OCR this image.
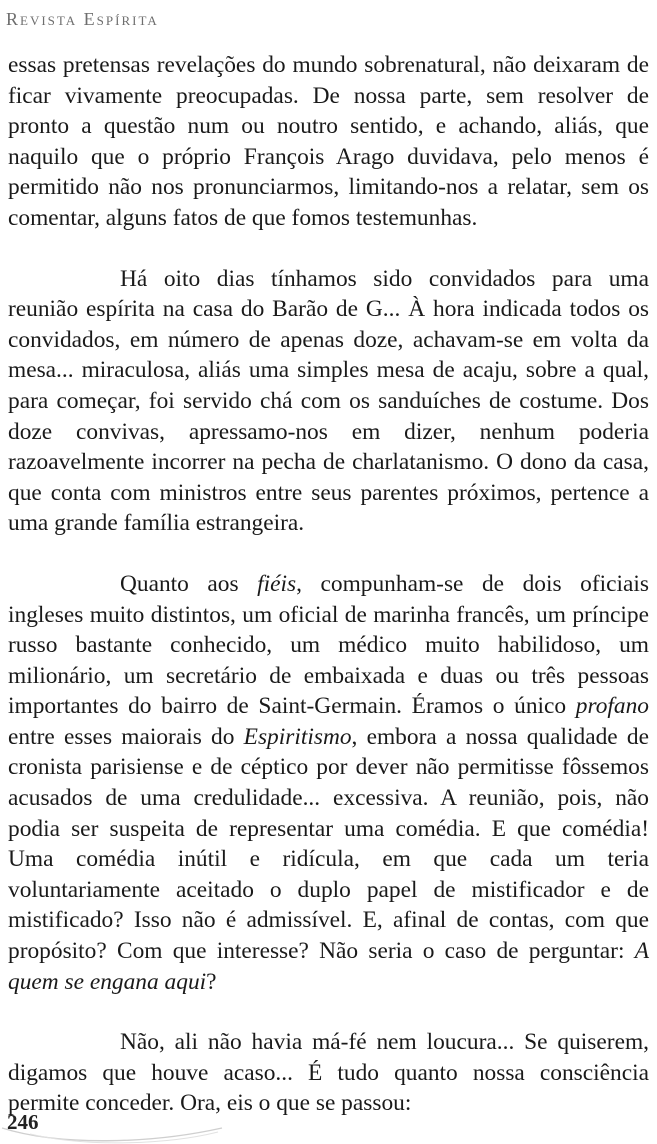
Revista Espírita

essas pretensas revelações do mundo sobrenatural, não deixaram de ficar vivamente preocupadas. De nossa parte, sem resolver de pronto a questão num ou noutro sentido, e achando, aliás, que naquilo que o próprio François Arago duvidava, pelo menos é permitido não nos pronunciarmos, limitando-nos a relatar, sem os comentar, alguns fatos de que fomos testemunhas.

Há oito dias tínhamos sido convidados para uma reunião espírita na casa do Barão de G... À hora indicada todos os convidados, em número de apenas doze, achavam-se em volta da mesa... miraculosa, aliás uma simples mesa de acaju, sobre a qual, para começar, foi servido chá com os sanduíches de costume. Dos doze convivas, apressamo-nos em dizer, nenhum poderia razoavelmente incorrer na pecha de charlatanismo. O dono da casa, que conta com ministros entre seus parentes próximos, pertence a uma grande família estrangeira.

Quanto aos fiéis, compunham-se de dois oficiais ingleses muito distintos, um oficial de marinha francês, um príncipe russo bastante conhecido, um médico muito habilidoso, um milionário, um secretário de embaixada e duas ou três pessoas importantes do bairro de Saint-Germain. Éramos o único profano entre esses maiorais do Espiritismo, embora a nossa qualidade de cronista parisiense e de céptico por dever não permitisse fôssemos acusados de uma credulidade... excessiva. A reunião, pois, não podia ser suspeita de representar uma comédia. E que comédia! Uma comédia inútil e ridícula, em que cada um teria voluntariamente aceitado o duplo papel de mistificador e de mistificado? Isso não é admissível. E, afinal de contas, com que propósito? Com que interesse? Não seria o caso de perguntar: A quem se engana aqui?

Não, ali não havia má-fé nem loucura... Se quiserem, digamos que houve acaso... É tudo quanto nossa consciência permite conceder. Ora, eis o que se passou:

246
